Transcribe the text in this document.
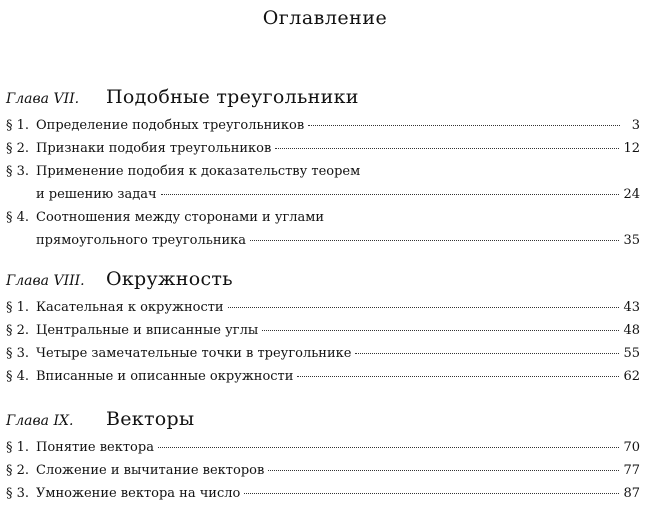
Оглавление
Глава VII.	Подобные треугольники
§ 1. Определение подобных треугольников	3
§ 2. Признаки подобия треугольников	12
§ 3. Применение подобия к доказательству теорем
и решению задач	24
§ 4. Соотношения между сторонами и углами
прямоугольного треугольника	35
Глава VIII.	Окружность
§ 1. Касательная к окружности	43
§ 2. Центральные и вписанные углы	48
§ 3. Четыре замечательные точки в треугольнике	55
§ 4. Вписанные и описанные окружности	62
Глава IX.	Векторы
§ 1. Понятие вектора	70
§ 2. Сложение и вычитание векторов	77
§ 3. Умножение вектора на число	87
